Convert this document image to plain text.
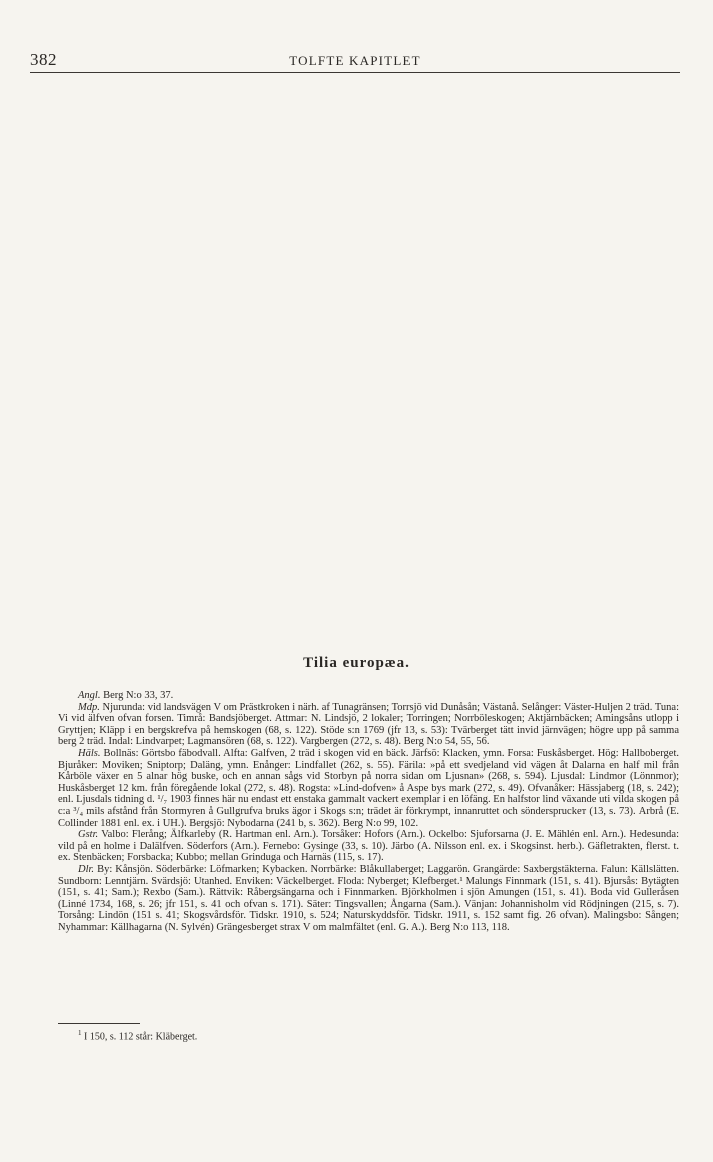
382	TOLFTE KAPITLET
Tilia europæa.

Angl. Berg N:o 33, 37.

Mdp. Njurunda: vid landsvägen V om Prästkroken i närh. af Tunagränsen; Torrsjö vid Dunåsån; Västanå. Selånger: Väster-Huljen 2 träd. Tuna: Vi vid älfven ofvan forsen. Timrå: Bandsjöberget. Attmar: N. Lindsjö, 2 lokaler; Torringen; Norrböleskogen; Aktjärnbäcken; Amingsåns utlopp i Gryttjen; Kläpp i en bergskrefva på hemskogen (68, s. 122). Stöde s:n 1769 (jfr 13, s. 53): Tvärberget tätt invid järnvägen; högre upp på samma berg 2 träd. Indal: Lindvarpet; Lagmansören (68, s. 122). Vargbergen (272, s. 48). Berg N:o 54, 55, 56.

Häls. Bollnäs: Görtsbo fäbodvall. Alfta: Galfven, 2 träd i skogen vid en bäck. Järfsö: Klacken, ymn. Forsa: Fuskåsberget. Hög: Hallboberget. Bjuråker: Moviken; Sniptorp; Daläng, ymn. Enånger: Lindfallet (262, s. 55). Färila: »på ett svedjeland vid vägen åt Dalarna en half mil från Kårböle växer en 5 alnar hög buske, och en annan sågs vid Storbyn på norra sidan om Ljusnan» (268, s. 594). Ljusdal: Lindmor (Lönnmor); Huskåsberget 12 km. från föregående lokal (272, s. 48). Rogsta: »Lind-dofven» å Aspe bys mark (272, s. 49). Ofvanåker: Hässjaberg (18, s. 242); enl. Ljusdals tidning d. ¹/₇ 1903 finnes här nu endast ett enstaka gammalt vackert exemplar i en löfäng. En halfstor lind växande uti vilda skogen på c:a ³/₄ mils afstånd från Stormyren å Gullgrufva bruks ägor i Skogs s:n; trädet är förkrympt, innanruttet och sönderspruckет (13, s. 73). Arbrå (E. Collinder 1881 enl. ex. i UH.). Bergsjö: Nybodarna (241 b, s. 362). Berg N:o 99, 102.

Gstr. Valbo: Flerång; Älfkarleby (R. Hartman enl. Arn.). Torsåker: Hofors (Arn.). Ockelbo: Sjuforsarna (J. E. Mählén enl. Arn.). Hedesunda: vild på en holme i Dalälfven. Söderfors (Arn.). Fernebo: Gysinge (33, s. 10). Järbo (A. Nilsson enl. ex. i Skogsinst. herb.). Gäfletrakten, flerst. t. ex. Stenbäcken; Forsbacka; Kubbo; mellan Grinduga och Harnäs (115, s. 17).

Dlr. By: Kånsjön. Söderbärke: Löfmarken; Kybacken. Norrbärke: Blåkullaberget; Laggarön. Grangärde: Saxbergstäkterna. Falun: Källslätten. Sundborn: Lenntjärn. Svärdsjö: Utanhed. Enviken: Väckelberget. Floda: Nyberget; Klefberget.¹ Malungs Finnmark (151, s. 41). Bjursås: Bytägten (151, s. 41; Sam.); Rexbo (Sam.). Rättvik: Råbergsängarna och i Finnmarken. Björkholmen i sjön Amungen (151, s. 41). Boda vid Gulleråsen (Linné 1734, 168, s. 26; jfr 151, s. 41 och ofvan s. 171). Säter: Tingsvallen; Ångarna (Sam.). Vänjan: Johannisholm vid Rödjningen (215, s. 7). Torsång: Lindön (151 s. 41; Skogsvårdsför. Tidskr. 1910, s. 524; Naturskyddsför. Tidskr. 1911, s. 152 samt fig. 26 ofvan). Malingsbo: Sången; Nyhammar: Källhagarna (N. Sylvén) Grängesberget strax V om malmfältet (enl. G. A.). Berg N:o 113, 118.

$^1$ I 150, s. 112 står: Kläberget.
